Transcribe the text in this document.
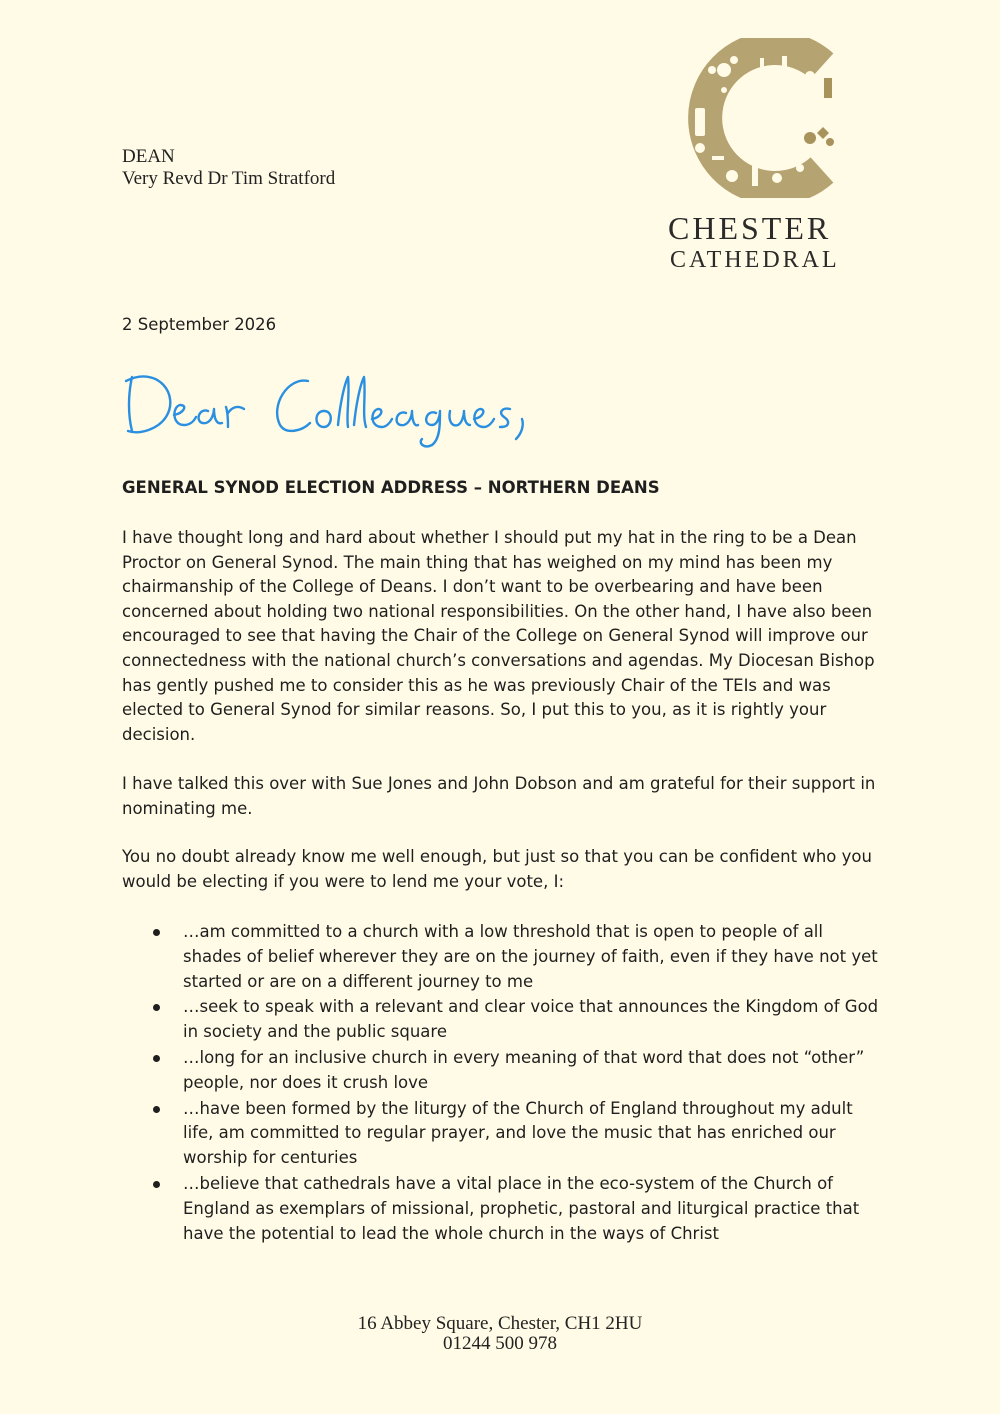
DEAN
Very Revd Dr Tim Stratford
CHESTER
CATHEDRAL
2 September 2026
GENERAL SYNOD ELECTION ADDRESS – NORTHERN DEANS
I have thought long and hard about whether I should put my hat in the ring to be a Dean Proctor on General Synod. The main thing that has weighed on my mind has been my chairmanship of the College of Deans. I don’t want to be overbearing and have been concerned about holding two national responsibilities. On the other hand, I have also been encouraged to see that having the Chair of the College on General Synod will improve our connectedness with the national church’s conversations and agendas. My Diocesan Bishop has gently pushed me to consider this as he was previously Chair of the TEIs and was elected to General Synod for similar reasons. So, I put this to you, as it is rightly your decision.
I have talked this over with Sue Jones and John Dobson and am grateful for their support in nominating me.
You no doubt already know me well enough, but just so that you can be confident who you would be electing if you were to lend me your vote, I:
…am committed to a church with a low threshold that is open to people of all shades of belief wherever they are on the journey of faith, even if they have not yet started or are on a different journey to me
…seek to speak with a relevant and clear voice that announces the Kingdom of God in society and the public square
…long for an inclusive church in every meaning of that word that does not “other” people, nor does it crush love
…have been formed by the liturgy of the Church of England throughout my adult life, am committed to regular prayer, and love the music that has enriched our worship for centuries
…believe that cathedrals have a vital place in the eco-system of the Church of England as exemplars of missional, prophetic, pastoral and liturgical practice that have the potential to lead the whole church in the ways of Christ
16 Abbey Square, Chester, CH1 2HU
01244 500 978
